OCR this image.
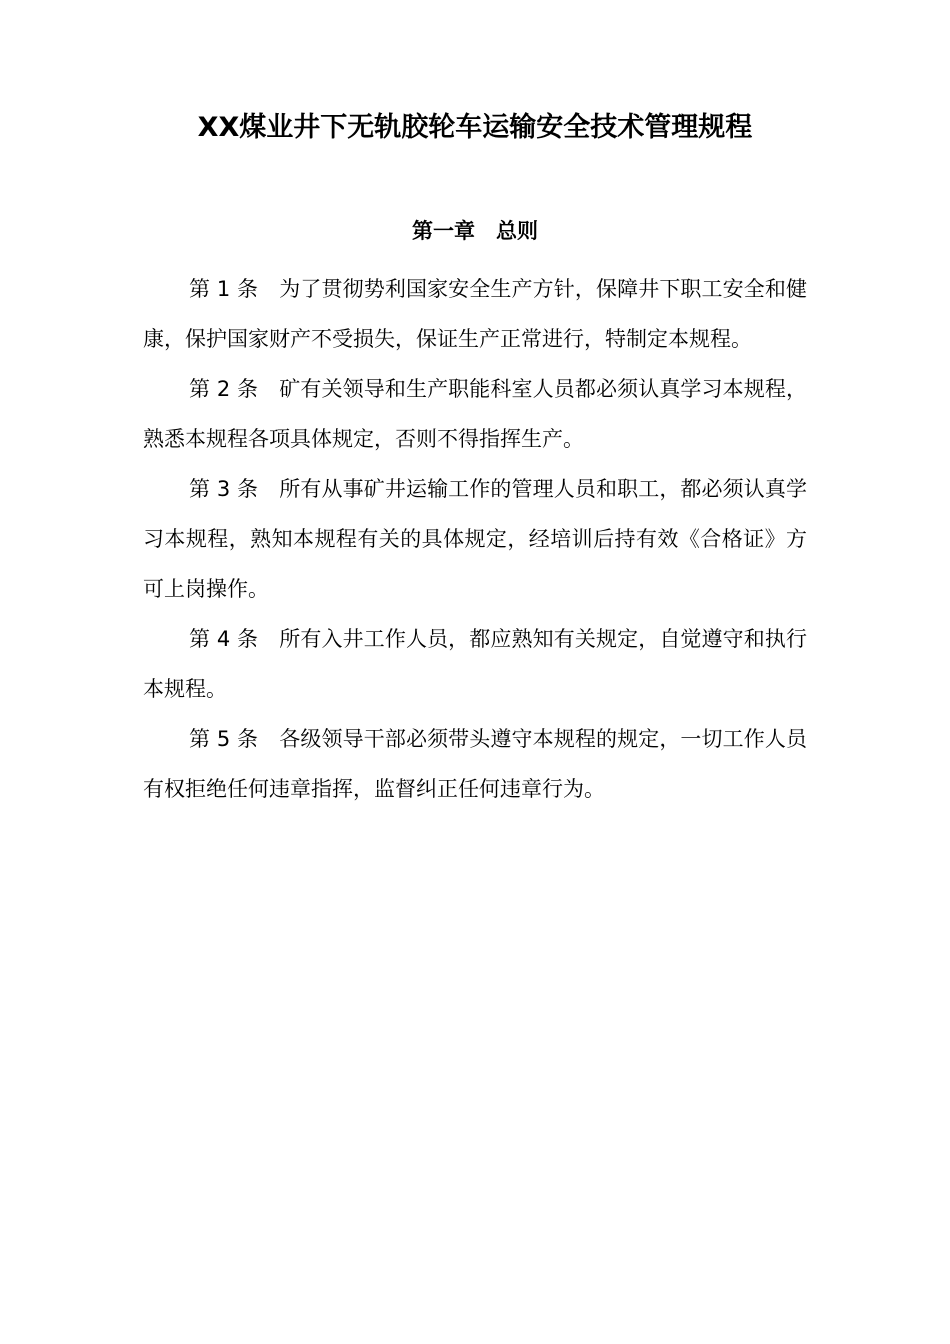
XX煤业井下无轨胶轮车运输安全技术管理规程
第一章　总则

第 1 条　为了贯彻势利国家安全生产方针，保障井下职工安全和健康，保护国家财产不受损失，保证生产正常进行，特制定本规程。

第 2 条　矿有关领导和生产职能科室人员都必须认真学习本规程，熟悉本规程各项具体规定，否则不得指挥生产。

第 3 条　所有从事矿井运输工作的管理人员和职工，都必须认真学习本规程，熟知本规程有关的具体规定，经培训后持有效《合格证》方可上岗操作。

第 4 条　所有入井工作人员，都应熟知有关规定，自觉遵守和执行本规程。

第 5 条　各级领导干部必须带头遵守本规程的规定，一切工作人员有权拒绝任何违章指挥，监督纠正任何违章行为。
